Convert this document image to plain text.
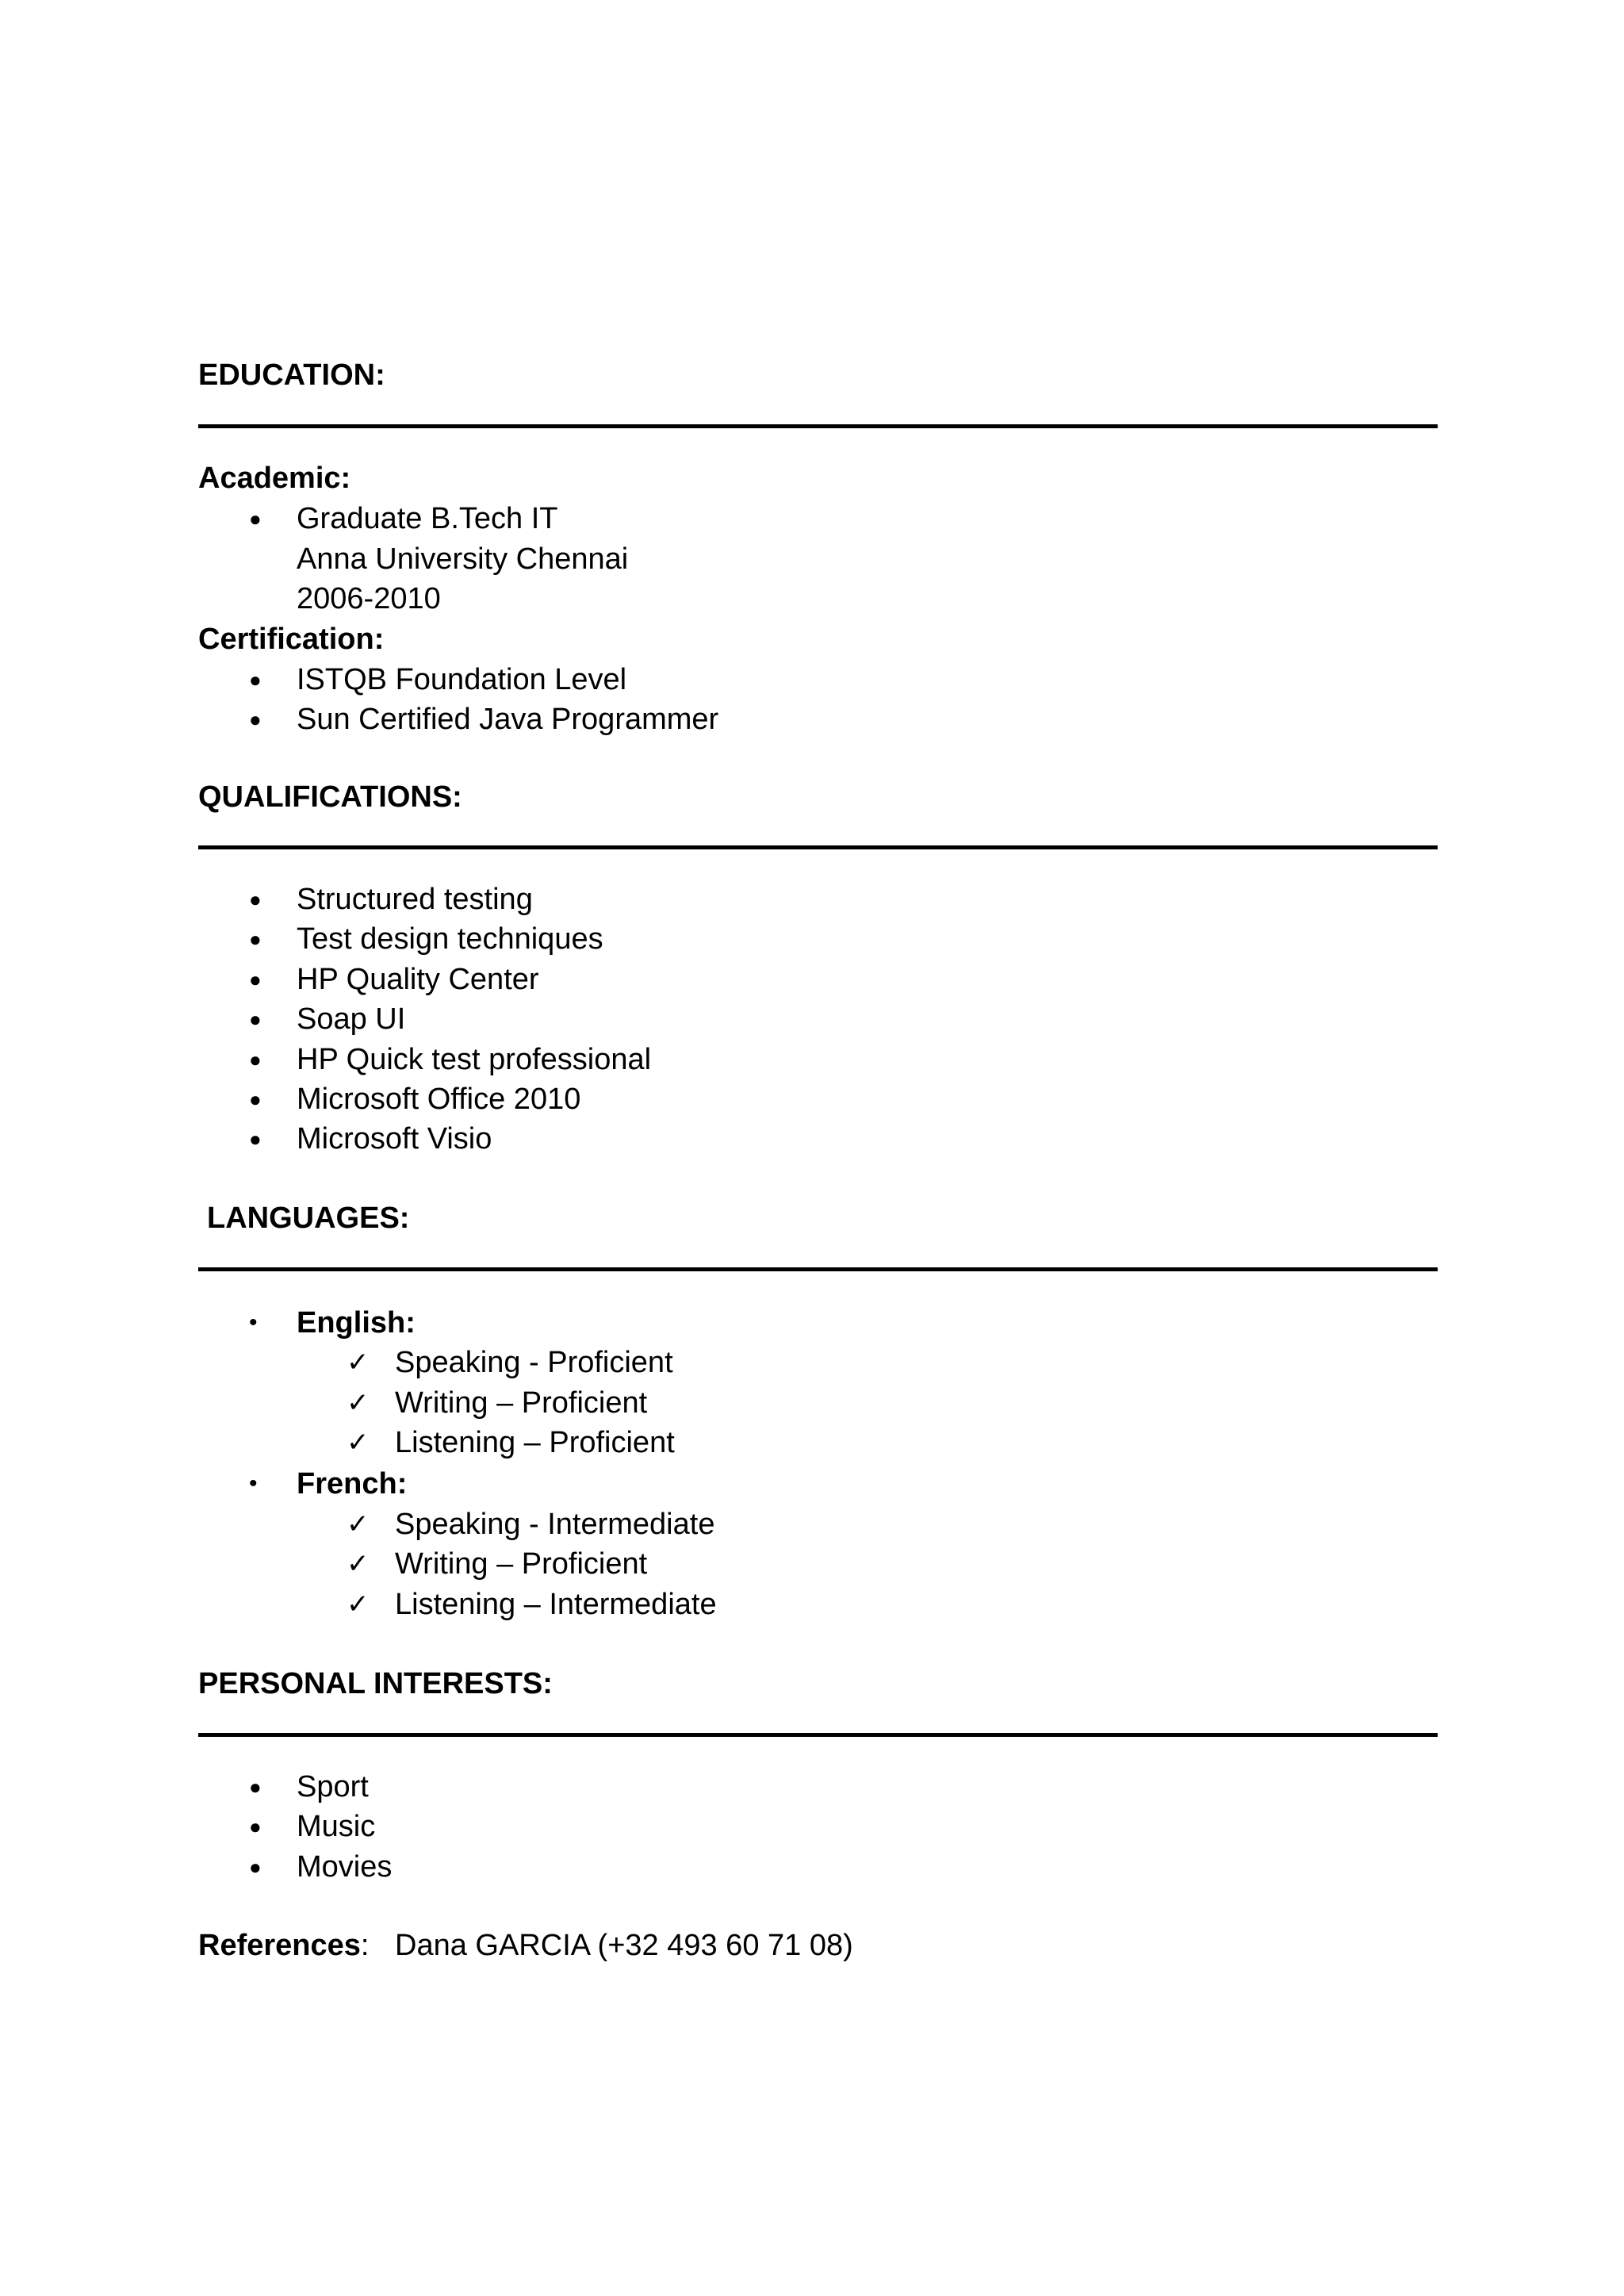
EDUCATION:
Academic:
● Graduate B.Tech IT
Anna University Chennai
2006-2010
Certification:
● ISTQB Foundation Level
● Sun Certified Java Programmer
QUALIFICATIONS:
● Structured testing
● Test design techniques
● HP Quality Center
● Soap UI
● HP Quick test professional
● Microsoft Office 2010
● Microsoft Visio
LANGUAGES:
• English:
✓ Speaking - Proficient
✓ Writing – Proficient
✓ Listening – Proficient
• French:
✓ Speaking - Intermediate
✓ Writing – Proficient
✓ Listening – Intermediate
PERSONAL INTERESTS:
● Sport
● Music
● Movies
References: Dana GARCIA (+32 493 60 71 08)
